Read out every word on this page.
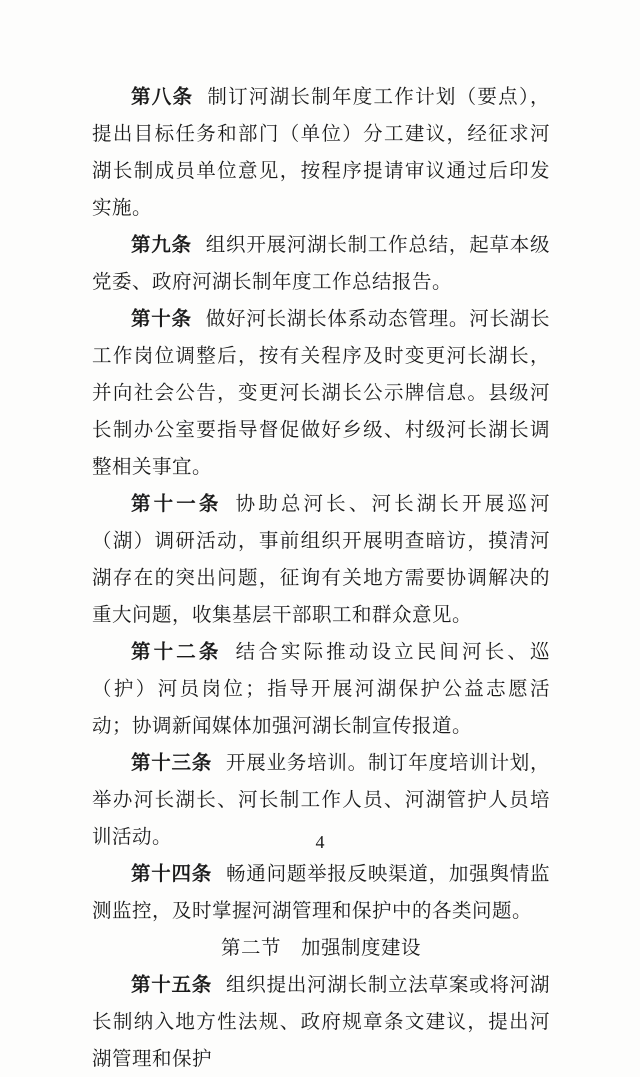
第八条 制订河湖长制年度工作计划（要点），提出目标任务和部门（单位）分工建议，经征求河湖长制成员单位意见，按程序提请审议通过后印发实施。

第九条 组织开展河湖长制工作总结，起草本级党委、政府河湖长制年度工作总结报告。

第十条 做好河长湖长体系动态管理。河长湖长工作岗位调整后，按有关程序及时变更河长湖长，并向社会公告，变更河长湖长公示牌信息。县级河长制办公室要指导督促做好乡级、村级河长湖长调整相关事宜。

第十一条 协助总河长、河长湖长开展巡河（湖）调研活动，事前组织开展明查暗访，摸清河湖存在的突出问题，征询有关地方需要协调解决的重大问题，收集基层干部职工和群众意见。

第十二条 结合实际推动设立民间河长、巡（护）河员岗位；指导开展河湖保护公益志愿活动；协调新闻媒体加强河湖长制宣传报道。

第十三条 开展业务培训。制订年度培训计划，举办河长湖长、河长制工作人员、河湖管护人员培训活动。

第十四条 畅通问题举报反映渠道，加强舆情监测监控，及时掌握河湖管理和保护中的各类问题。

第二节 加强制度建设

第十五条 组织提出河湖长制立法草案或将河湖长制纳入地方性法规、政府规章条文建议，提出河湖管理和保护

4
